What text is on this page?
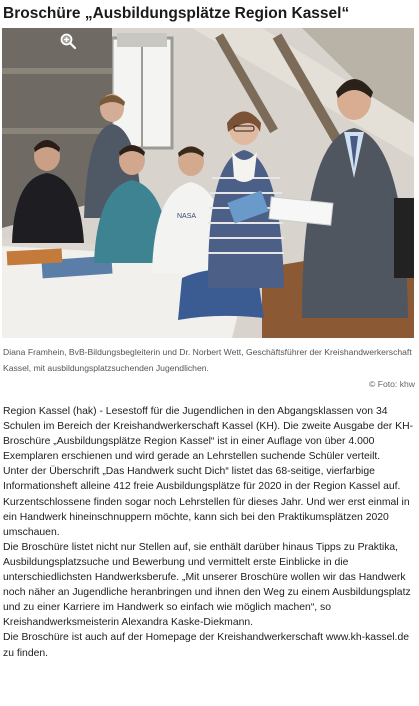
Broschüre „Ausbildungsplätze Region Kassel“
NASA
Diana Framhein, BvB-Bildungsbegleiterin und Dr. Norbert Wett, Geschäftsführer der Kreishandwerkerschaft Kassel, mit ausbildungsplatzsuchenden Jugendlichen.
© Foto: khw

Region Kassel (hak) - Lesestoff für die Jugendlichen in den Abgangsklassen von 34 Schulen im Bereich der Kreishandwerkerschaft Kassel (KH). Die zweite Ausgabe der KH-Broschüre „Ausbildungsplätze Region Kassel“ ist in einer Auflage von über 4.000 Exemplaren erschienen und wird gerade an Lehrstellen suchende Schüler verteilt.

Unter der Überschrift „Das Handwerk sucht Dich“ listet das 68-seitige, vierfarbige Informationsheft alleine 412 freie Ausbildungsplätze für 2020 in der Region Kassel auf. Kurzentschlossene finden sogar noch Lehrstellen für dieses Jahr. Und wer erst einmal in ein Handwerk hineinschnuppern möchte, kann sich bei den Praktikumsplätzen 2020 umschauen.

Die Broschüre listet nicht nur Stellen auf, sie enthält darüber hinaus Tipps zu Praktika, Ausbildungsplatzsuche und Bewerbung und vermittelt erste Einblicke in die unterschiedlichsten Handwerksberufe. „Mit unserer Broschüre wollen wir das Handwerk noch näher an Jugendliche heranbringen und ihnen den Weg zu einem Ausbildungsplatz und zu einer Karriere im Handwerk so einfach wie möglich machen“, so Kreishandwerksmeisterin Alexandra Kaske-Diekmann.

Die Broschüre ist auch auf der Homepage der Kreishandwerkerschaft www.kh-kassel.de zu finden.
